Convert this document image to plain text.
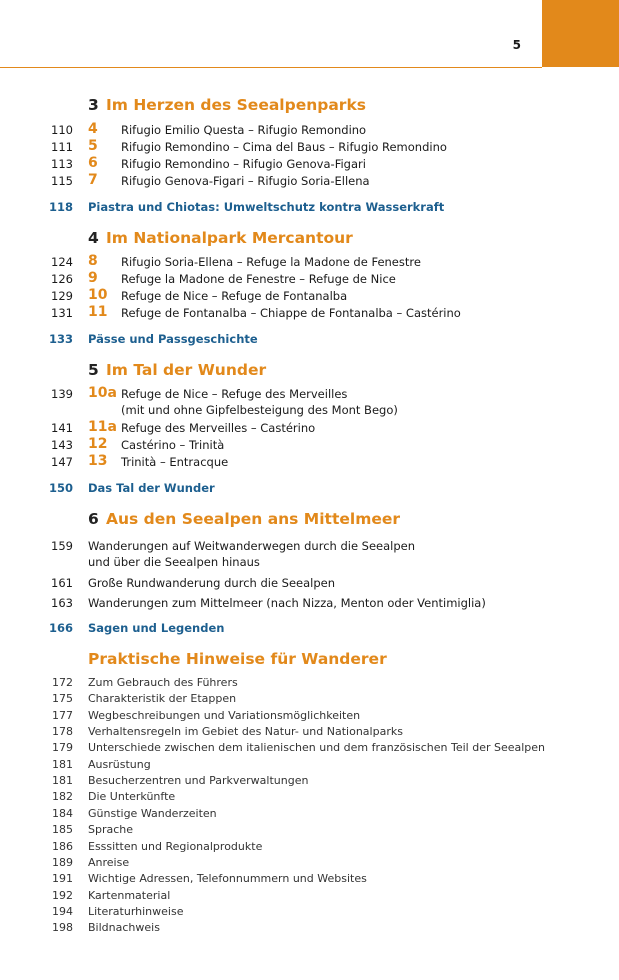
5
3 Im Herzen des Seealpenparks
110 4 Rifugio Emilio Questa – Rifugio Remondino
111 5 Rifugio Remondino – Cima del Baus – Rifugio Remondino
113 6 Rifugio Remondino – Rifugio Genova-Figari
115 7 Rifugio Genova-Figari – Rifugio Soria-Ellena
118 Piastra und Chiotas: Umweltschutz kontra Wasserkraft
4 Im Nationalpark Mercantour
124 8 Rifugio Soria-Ellena – Refuge la Madone de Fenestre
126 9 Refuge la Madone de Fenestre – Refuge de Nice
129 10 Refuge de Nice – Refuge de Fontanalba
131 11 Refuge de Fontanalba – Chiappe de Fontanalba – Castérino
133 Pässe und Passgeschichte
5 Im Tal der Wunder
139 10a Refuge de Nice – Refuge des Merveilles
(mit und ohne Gipfelbesteigung des Mont Bego)
141 11a Refuge des Merveilles – Castérino
143 12 Castérino – Trinità
147 13 Trinità – Entracque
150 Das Tal der Wunder
6 Aus den Seealpen ans Mittelmeer
159 Wanderungen auf Weitwanderwegen durch die Seealpen
und über die Seealpen hinaus
161 Große Rundwanderung durch die Seealpen
163 Wanderungen zum Mittelmeer (nach Nizza, Menton oder Ventimiglia)
166 Sagen und Legenden
Praktische Hinweise für Wanderer
172 Zum Gebrauch des Führers
175 Charakteristik der Etappen
177 Wegbeschreibungen und Variationsmöglichkeiten
178 Verhaltensregeln im Gebiet des Natur- und Nationalparks
179 Unterschiede zwischen dem italienischen und dem französischen Teil der Seealpen
181 Ausrüstung
181 Besucherzentren und Parkverwaltungen
182 Die Unterkünfte
184 Günstige Wanderzeiten
185 Sprache
186 Esssitten und Regionalprodukte
189 Anreise
191 Wichtige Adressen, Telefonnummern und Websites
192 Kartenmaterial
194 Literaturhinweise
198 Bildnachweis
